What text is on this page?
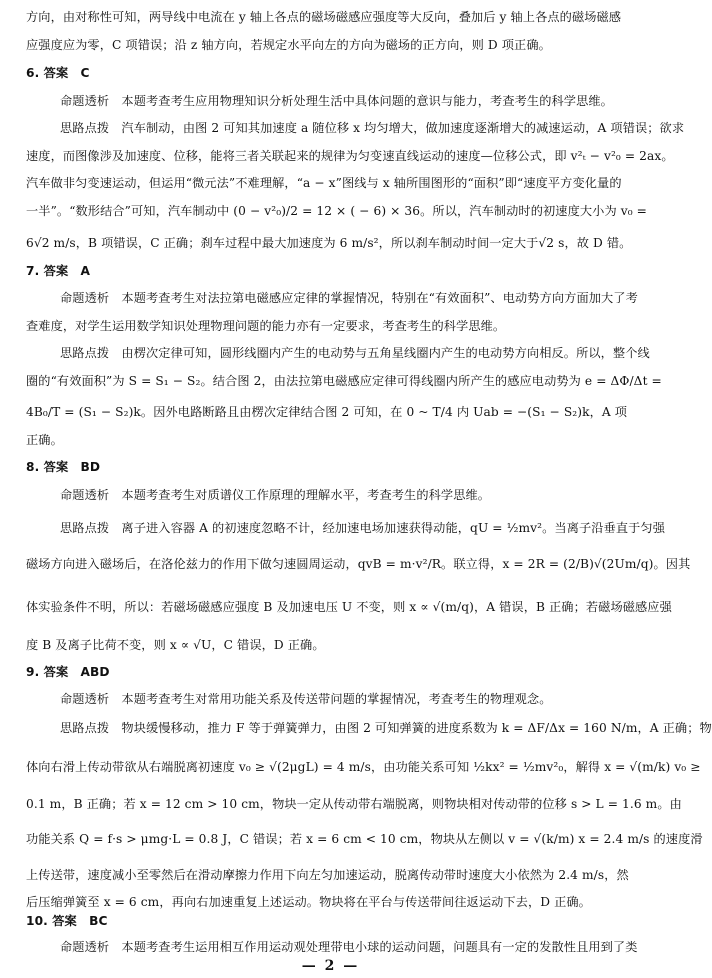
方向，由对称性可知，两导线中电流在 y 轴上各点的磁场磁感应强度等大反向，叠加后 y 轴上各点的磁场磁感
应强度应为零，C 项错误；沿 z 轴方向，若规定水平向左的方向为磁场的正方向，则 D 项正确。
6. 答案　C
命题透析　本题考查考生应用物理知识分析处理生活中具体问题的意识与能力，考查考生的科学思维。
思路点拨　汽车制动，由图 2 可知其加速度 a 随位移 x 均匀增大，做加速度逐渐增大的减速运动，A 项错误；欲求
速度，而图像涉及加速度、位移，能将三者关联起来的规律为匀变速直线运动的速度—位移公式，即 v²ₜ − v²₀ = 2ax。
汽车做非匀变速运动，但运用“微元法”不难理解，“a − x”图线与 x 轴所围图形的“面积”即“速度平方变化量的
一半”。“数形结合”可知，汽车制动中 (0 − v²₀)/2 = 12 × ( − 6) × 36。所以，汽车制动时的初速度大小为 v₀ =
6√2 m/s，B 项错误，C 正确；刹车过程中最大加速度为 6 m/s²，所以刹车制动时间一定大于√2 s，故 D 错。
7. 答案　A
命题透析　本题考查考生对法拉第电磁感应定律的掌握情况，特别在“有效面积”、电动势方向方面加大了考
查难度，对学生运用数学知识处理物理问题的能力亦有一定要求，考查考生的科学思维。
思路点拨　由楞次定律可知，圆形线圈内产生的电动势与五角星线圈内产生的电动势方向相反。所以，整个线
圈的“有效面积”为 S = S₁ − S₂。结合图 2，由法拉第电磁感应定律可得线圈内所产生的感应电动势为 e = ΔΦ/Δt =
4B₀/T = (S₁ − S₂)k。因外电路断路且由楞次定律结合图 2 可知，在 0 ~ T/4 内 Uab = −(S₁ − S₂)k，A 项
正确。
8. 答案　BD
命题透析　本题考查考生对质谱仪工作原理的理解水平，考查考生的科学思维。
思路点拨　离子进入容器 A 的初速度忽略不计，经加速电场加速获得动能，qU = ½mv²。当离子沿垂直于匀强
磁场方向进入磁场后，在洛伦兹力的作用下做匀速圆周运动，qvB = m·v²/R。联立得，x = 2R = (2/B)√(2Um/q)。因其
体实验条件不明，所以：若磁场磁感应强度 B 及加速电压 U 不变，则 x ∝ √(m/q)，A 错误，B 正确；若磁场磁感应强
度 B 及离子比荷不变，则 x ∝ √U，C 错误，D 正确。
9. 答案　ABD
命题透析　本题考查考生对常用功能关系及传送带问题的掌握情况，考查考生的物理观念。
思路点拨　物块缓慢移动，推力 F 等于弹簧弹力，由图 2 可知弹簧的进度系数为 k = ΔF/Δx = 160 N/m，A 正确；物
体向右滑上传动带欲从右端脱离初速度 v₀ ≥ √(2μgL) = 4 m/s，由功能关系可知 ½kx² = ½mv²₀，解得 x = √(m/k) v₀ ≥
0.1 m，B 正确；若 x = 12 cm > 10 cm，物块一定从传动带右端脱离，则物块相对传动带的位移 s > L = 1.6 m。由
功能关系 Q = f·s > μmg·L = 0.8 J，C 错误；若 x = 6 cm < 10 cm，物块从左侧以 v = √(k/m) x = 2.4 m/s 的速度滑
上传送带，速度减小至零然后在滑动摩擦力作用下向左匀加速运动，脱离传动带时速度大小依然为 2.4 m/s，然
后压缩弹簧至 x = 6 cm，再向右加速重复上述运动。物块将在平台与传送带间往返运动下去，D 正确。
10. 答案　BC
命题透析　本题考查考生运用相互作用运动观处理带电小球的运动问题，问题具有一定的发散性且用到了类
— 2 —
